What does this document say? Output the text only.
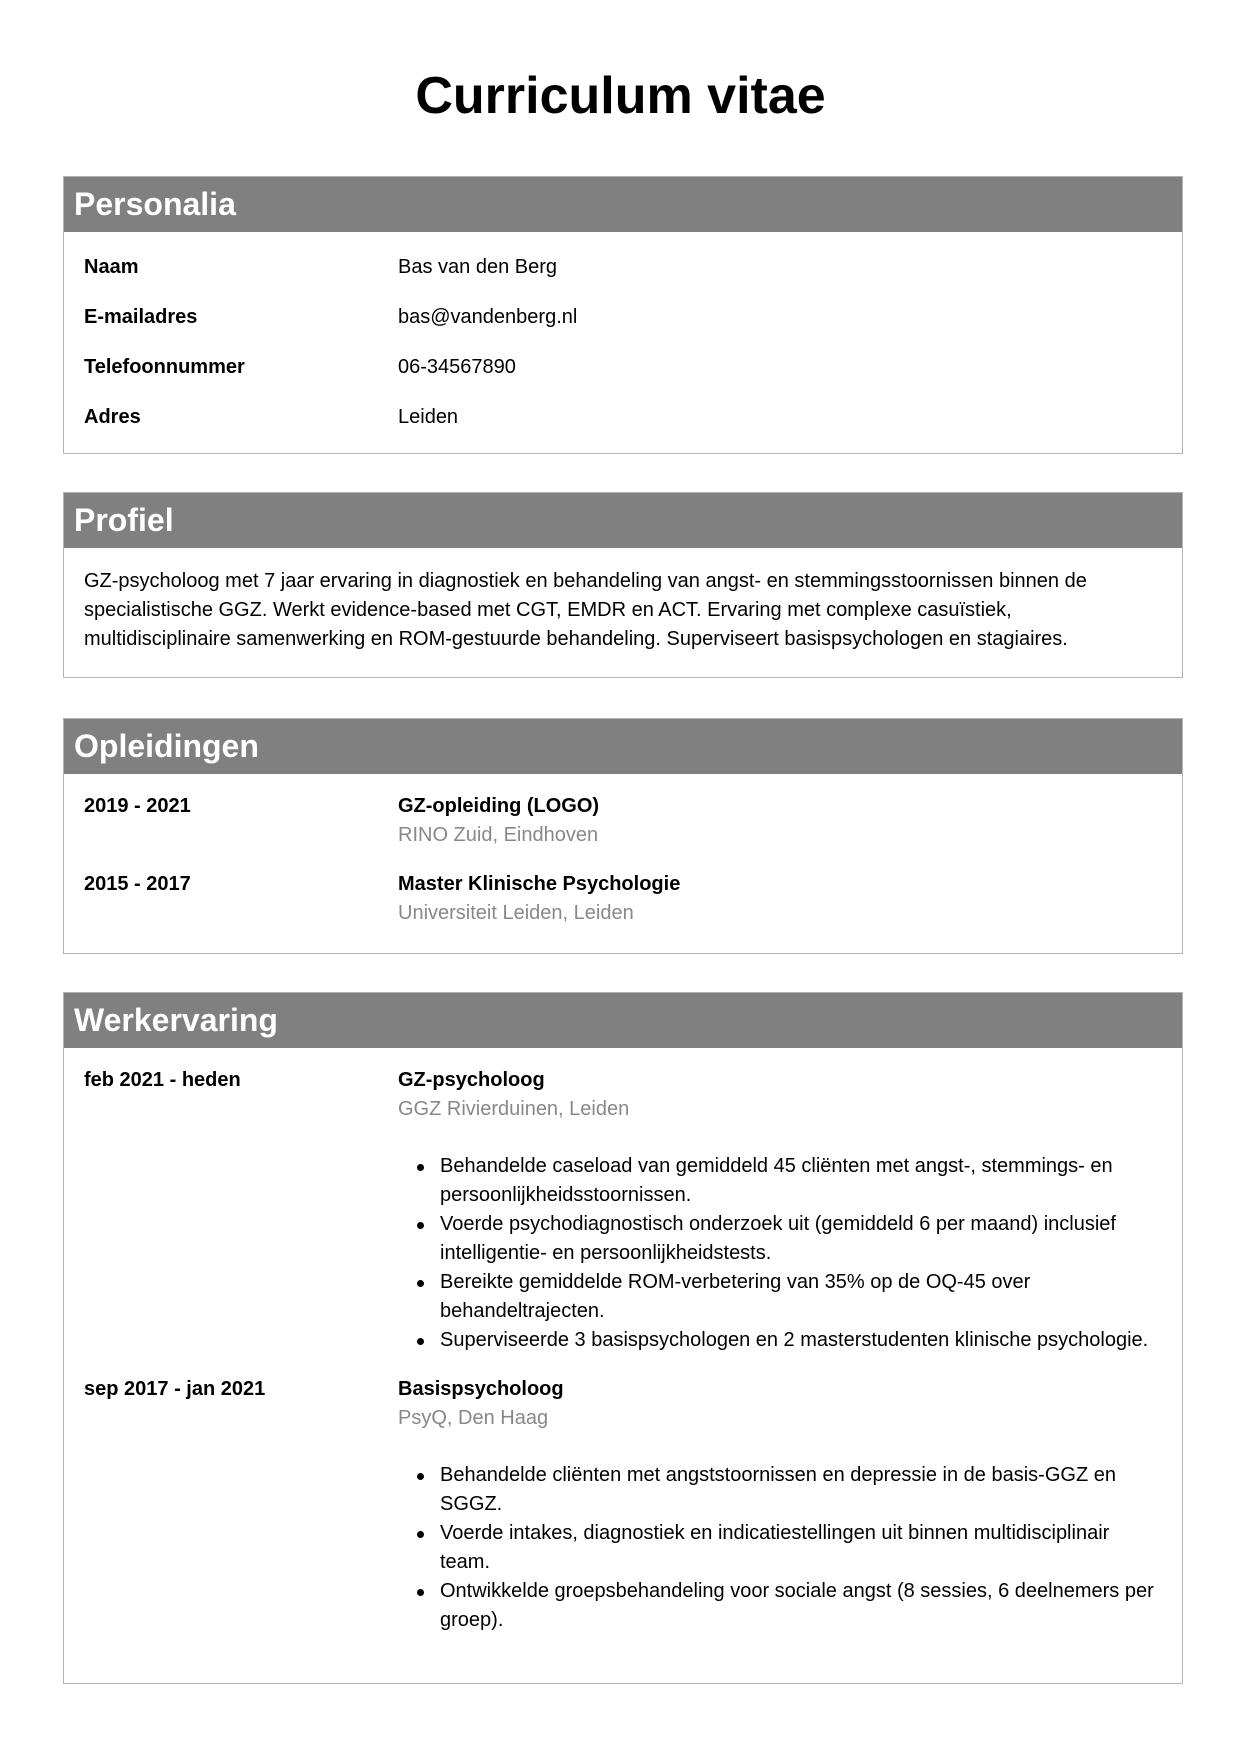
Curriculum vitae
Personalia
Naam	Bas van den Berg
E-mailadres	bas@vandenberg.nl
Telefoonnummer	06-34567890
Adres	Leiden
Profiel

GZ-psycholoog met 7 jaar ervaring in diagnostiek en behandeling van angst- en stemmingsstoornissen binnen de specialistische GGZ. Werkt evidence-based met CGT, EMDR en ACT. Ervaring met complexe casuïstiek, multidisciplinaire samenwerking en ROM-gestuurde behandeling. Superviseert basispsychologen en stagiaires.

Opleidingen
2019 - 2021	GZ-opleiding (LOGO)
RINO Zuid, Eindhoven
2015 - 2017	Master Klinische Psychologie
Universiteit Leiden, Leiden
Werkervaring
feb 2021 - heden	GZ-psycholoog
GGZ Rivierduinen, Leiden
Behandelde caseload van gemiddeld 45 cliënten met angst-, stemmings- en persoonlijkheidsstoornissen.
Voerde psychodiagnostisch onderzoek uit (gemiddeld 6 per maand) inclusief intelligentie- en persoonlijkheidstests.
Bereikte gemiddelde ROM-verbetering van 35% op de OQ-45 over behandeltrajecten.
Superviseerde 3 basispsychologen en 2 masterstudenten klinische psychologie.
sep 2017 - jan 2021	Basispsycholoog
PsyQ, Den Haag
Behandelde cliënten met angststoornissen en depressie in de basis-GGZ en SGGZ.
Voerde intakes, diagnostiek en indicatiestellingen uit binnen multidisciplinair team.
Ontwikkelde groepsbehandeling voor sociale angst (8 sessies, 6 deelnemers per groep).
